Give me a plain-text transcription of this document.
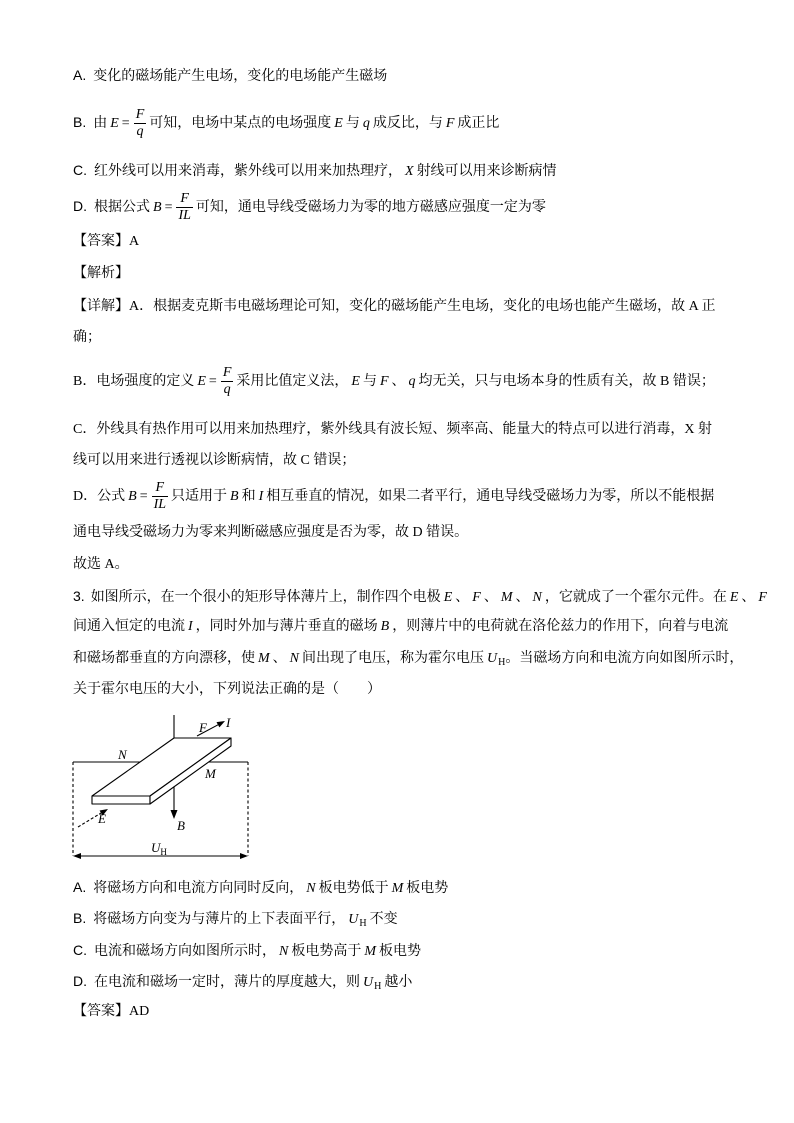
A. 变化的磁场能产生电场，变化的电场能产生磁场
B. 由 $E = \frac{F}{q}$ 可知，电场中某点的电场强度 E 与 q 成反比，与 F 成正比
C. 红外线可以用来消毒，紫外线可以用来加热理疗， X 射线可以用来诊断病情
D. 根据公式 $B = \frac{F}{IL}$ 可知，通电导线受磁场力为零的地方磁感应强度一定为零
【答案】A
【解析】
【详解】A．根据麦克斯韦电磁场理论可知，变化的磁场能产生电场，变化的电场也能产生磁场，故 A 正
确；
B．电场强度的定义 $E = \frac{F}{q}$ 采用比值定义法， E 与 F 、 q 均无关，只与电场本身的性质有关，故 B 错误；
C．外线具有热作用可以用来加热理疗，紫外线具有波长短、频率高、能量大的特点可以进行消毒，X 射
线可以用来进行透视以诊断病情，故 C 错误；
D．公式 $B = \frac{F}{IL}$ 只适用于 B 和 I 相互垂直的情况，如果二者平行，通电导线受磁场力为零，所以不能根据
通电导线受磁场力为零来判断磁感应强度是否为零，故 D 错误。
故选 A。
3. 如图所示，在一个很小的矩形导体薄片上，制作四个电极 E 、 F 、 M 、 N ，它就成了一个霍尔元件。在 E 、 F
间通入恒定的电流 I ，同时外加与薄片垂直的磁场 B ，则薄片中的电荷就在洛伦兹力的作用下，向着与电流
和磁场都垂直的方向漂移，使 M 、 N 间出现了电压，称为霍尔电压 $U_H$。当磁场方向和电流方向如图所示时，
关于霍尔电压的大小，下列说法正确的是（　　）
N
M
F I
E	B
$U_H$
A. 将磁场方向和电流方向同时反向， N 板电势低于 M 板电势
B. 将磁场方向变为与薄片的上下表面平行， $U_H$ 不变
C. 电流和磁场方向如图所示时， N 板电势高于 M 板电势
D. 在电流和磁场一定时，薄片的厚度越大，则 $U_H$ 越小
【答案】AD
